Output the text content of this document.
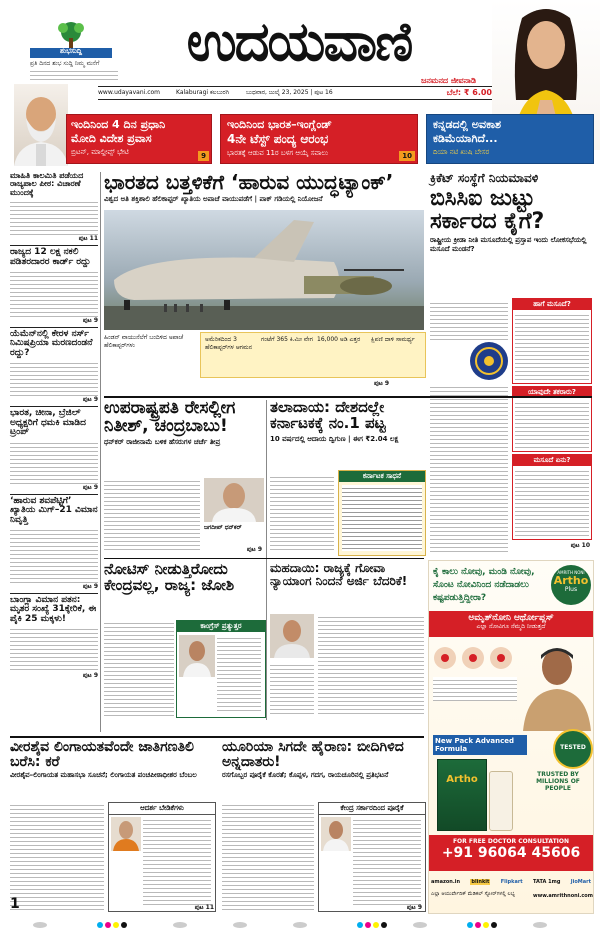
ಶುಭಸುದ್ದಿ
ಪ್ರತಿ ದಿನದ ಶುಭ ಸುದ್ದಿ ನಿಮ್ಮ ಮನೆಗೆ	ಉದಯವಾಣಿ
ಜನಮನದ ಜೀವನಾಡಿ
www.udayavani.com	Kalaburagi ಕಲಬುರಗಿ	ಬುಧವಾರ, ಜುಲೈ 23, 2025 | ಪುಟ 16	ಬೆಲೆ: ₹ 6.00
ಇಂದಿನಿಂದ 4 ದಿನ ಪ್ರಧಾನಿ
ಮೋದಿ ವಿದೇಶ ಪ್ರವಾಸ
ಬ್ರಿಟನ್, ಮಾಲ್ದೀವ್ಸ್ ಭೇಟಿ	9
ಇಂದಿನಿಂದ ಭಾರತ–ಇಂಗ್ಲೆಂಡ್
4ನೇ ಟೆಸ್ಟ್ ಪಂದ್ಯ ಆರಂಭ
ಭಾರತಕ್ಕೆ ಆಡುವ 11ರ ಬಳಗ ಆಯ್ಕೆ ಸವಾಲು	10
ಕನ್ನಡದಲ್ಲಿ ಅವಕಾಶ
ಕಡಿಮೆಯಾಗಿದೆ...
ದಿಯಾ ನಟಿ ಖುಷಿ ಬೇಸರ
ಮಾಹಿತಿ ಕಾಲಮಿತಿ ಪಡೆಯದ ರಾಜ್ಯಪಾಲ ಪೀಠ: ವಿಚಾರಣೆ ಮುಂದಕ್ಕೆ
ಪುಟ 11
ರಾಜ್ಯದ 12 ಲಕ್ಷ ನಕಲಿ ಪಡಿತರದಾರರ ಕಾರ್ಡ್ ರದ್ದು
ಪುಟ 9
ಯೆಮೆನ್‌ನಲ್ಲಿ ಕೇರಳ ನರ್ಸ್ ನಿಮಿಷಪ್ರಿಯಾ ಮರಣದಂಡನೆ ರದ್ದು?
ಪುಟ 9
ಭಾರತ, ಚೀನಾ, ಬ್ರೆಜಿಲ್ ಅಧ್ಯಕ್ಷರಿಗೆ ಧಮಕಿ ಮಾಡಿದ ಟ್ರಂಪ್
ಪುಟ 9
‘ಹಾರುವ ಶವಪೆಟ್ಟಿಗೆ’ ಖ್ಯಾತಿಯ ಮಿಗ್–21 ವಿಮಾನ ನಿವೃತ್ತಿ
ಪುಟ 9
ಬಾಂಗ್ಲಾ ವಿಮಾನ ಪತನ: ಮೃತರ ಸಂಖ್ಯೆ 31ಕ್ಕೇರಿಕೆ, ಈ ಪೈಕಿ 25 ಮಕ್ಕಳು!
ಪುಟ 9
ಭಾರತದ ಬತ್ತಳಿಕೆಗೆ ‘ಹಾರುವ ಯುದ್ಧಟ್ಯಾಂಕ್’
ವಿಶ್ವದ ಅತಿ ಶಕ್ತಿಶಾಲಿ ಹೆಲಿಕಾಪ್ಟರ್ ಖ್ಯಾತಿಯ ಅಪಾಚೆ ವಾಯುಪಡೆಗೆ | ಪಾಕ್ ಗಡಿಯಲ್ಲಿ ನಿಯೋಜನೆ
ಹಿಂಡನ್ ವಾಯುನೆಲೆಗೆ ಬಂದಿಳಿದ ಅಪಾಚೆ ಹೆಲಿಕಾಪ್ಟರ್‌ಗಳು
ಅಮೆರಿಕದಿಂದ 3 ಹೆಲಿಕಾಪ್ಟರ್‌ಗಳ ಆಗಮನ
ಗಂಟೆಗೆ 365 ಕಿ.ಮೀ ವೇಗ 16,000 ಅಡಿ ಎತ್ತರ	ಕ್ಷಿಪಣಿ ದಾಳಿ ಸಾಮರ್ಥ್ಯ
ಪುಟ 9
ಕ್ರಿಕೆಟ್ ಸಂಸ್ಥೆಗೆ ನಿಯಮಾವಳಿ
ಬಿಸಿಸಿಐ ಜುಟ್ಟು ಸರ್ಕಾರದ ಕೈಗೆ?
ರಾಷ್ಟ್ರೀಯ ಕ್ರೀಡಾ ನೀತಿ ಮಸೂದೆಯಲ್ಲಿ ಪ್ರಸ್ತಾಪ ಇಂದು ಲೋಕಸಭೆಯಲ್ಲಿ ಮಸೂದೆ ಮಂಡನೆ?
ಹಾಗೆ ಮಸೂದೆ?
ಯಾವುದೇ ತಕರಾರು?
ಮಸೂದೆ ಏನು?
ಪುಟ 10
ಉಪರಾಷ್ಟ್ರಪತಿ ರೇಸಲ್ಲೀಗ ನಿತೀಶ್, ಚಂದ್ರಬಾಬು!
ಧನ್‌ಕರ್ ರಾಜೀನಾಮೆ ಬಳಿಕ ಹೆಸರುಗಳ ಚರ್ಚೆ ತೀವ್ರ
ಜಗದೀಪ್ ಧನ್‌ಕರ್
ಪುಟ 9
ತಲಾದಾಯ: ದೇಶದಲ್ಲೇ ಕರ್ನಾಟಕಕ್ಕೆ ನಂ.1 ಪಟ್ಟ
10 ವರ್ಷದಲ್ಲಿ ಆದಾಯ ದ್ವಿಗುಣ | ಈಗ ₹2.04 ಲಕ್ಷ
ಕರ್ನಾಟಕ ಸಾಧನೆ
ನೋಟಿಸ್ ನೀಡುತ್ತಿರೋದು ಕೇಂದ್ರವಲ್ಲ, ರಾಜ್ಯ: ಜೋಶಿ
ಕಾಂಗ್ರೆಸ್ ಪ್ರತ್ಯುತ್ತರ
ಮಹದಾಯಿ: ರಾಜ್ಯಕ್ಕೆ ಗೋವಾ ನ್ಯಾಯಾಂಗ ನಿಂದನೆ ಅರ್ಜಿ ಬೆದರಿಕೆ!
ಕೈ ಕಾಲು ನೋವು, ಮಂಡಿ ನೋವು,
ಸೊಂಟ ನೋವಿನಿಂದ ನಡೆದಾಡಲು
ಕಷ್ಟಪಡುತ್ತಿದ್ದೀರಾ?
AMRITH NONI
Artho
Plus
ಅಮೃತ್‌ನೋನಿ ಆರ್ಥೋಪ್ಲಸ್
ಎಲ್ಲಾ ನೋವಿಗೂ ನೆಮ್ಮದಿ ನೀಡುತ್ತದೆ
TESTED
New Pack Advanced Formula
Artho	TRUSTED BY MILLIONS OF PEOPLE
FOR FREE DOCTOR CONSULTATION
+91 96064 45606
amazon.in blinkit Flipkart TATA 1mg JioMart
ಎಲ್ಲಾ ಆಯುರ್ವೇದಿಕ್ ಮೆಡಿಕಲ್ ಸ್ಟೋರ್‌ಗಳಲ್ಲಿ ಲಭ್ಯ	www.amrithnoni.com
ವೀರಶೈವ ಲಿಂಗಾಯತವೆಂದೇ ಜಾತಿಗಣತಿಲಿ ಬರೆಸಿ: ಕರೆ
ವೀರಶೈವ–ಲಿಂಗಾಯತ ಮಹಾಸಭಾ ಸೂಚನೆ; ಲಿಂಗಾಯತ ಪಂಚಪೀಠಾಧೀಶರ ಬೆಂಬಲ
ಆದರ್ಶ ಬೇಡಿಕೆಗಳು
ಪುಟ 11
ಯೂರಿಯಾ ಸಿಗದೇ ಹೈರಾಣ: ಬೀದಿಗಿಳಿದ ಅನ್ನದಾತರು!
ರಸಗೊಬ್ಬರ ಪೂರೈಕೆ ಕೊರತೆ; ಕೊಪ್ಪಳ, ಗದಗ, ರಾಯಚೂರಿನಲ್ಲಿ ಪ್ರತಿಭಟನೆ
ಕೇಂದ್ರ ಸರ್ಕಾರದಿಂದ ಪೂರೈಕೆ
ಪುಟ 9
1
